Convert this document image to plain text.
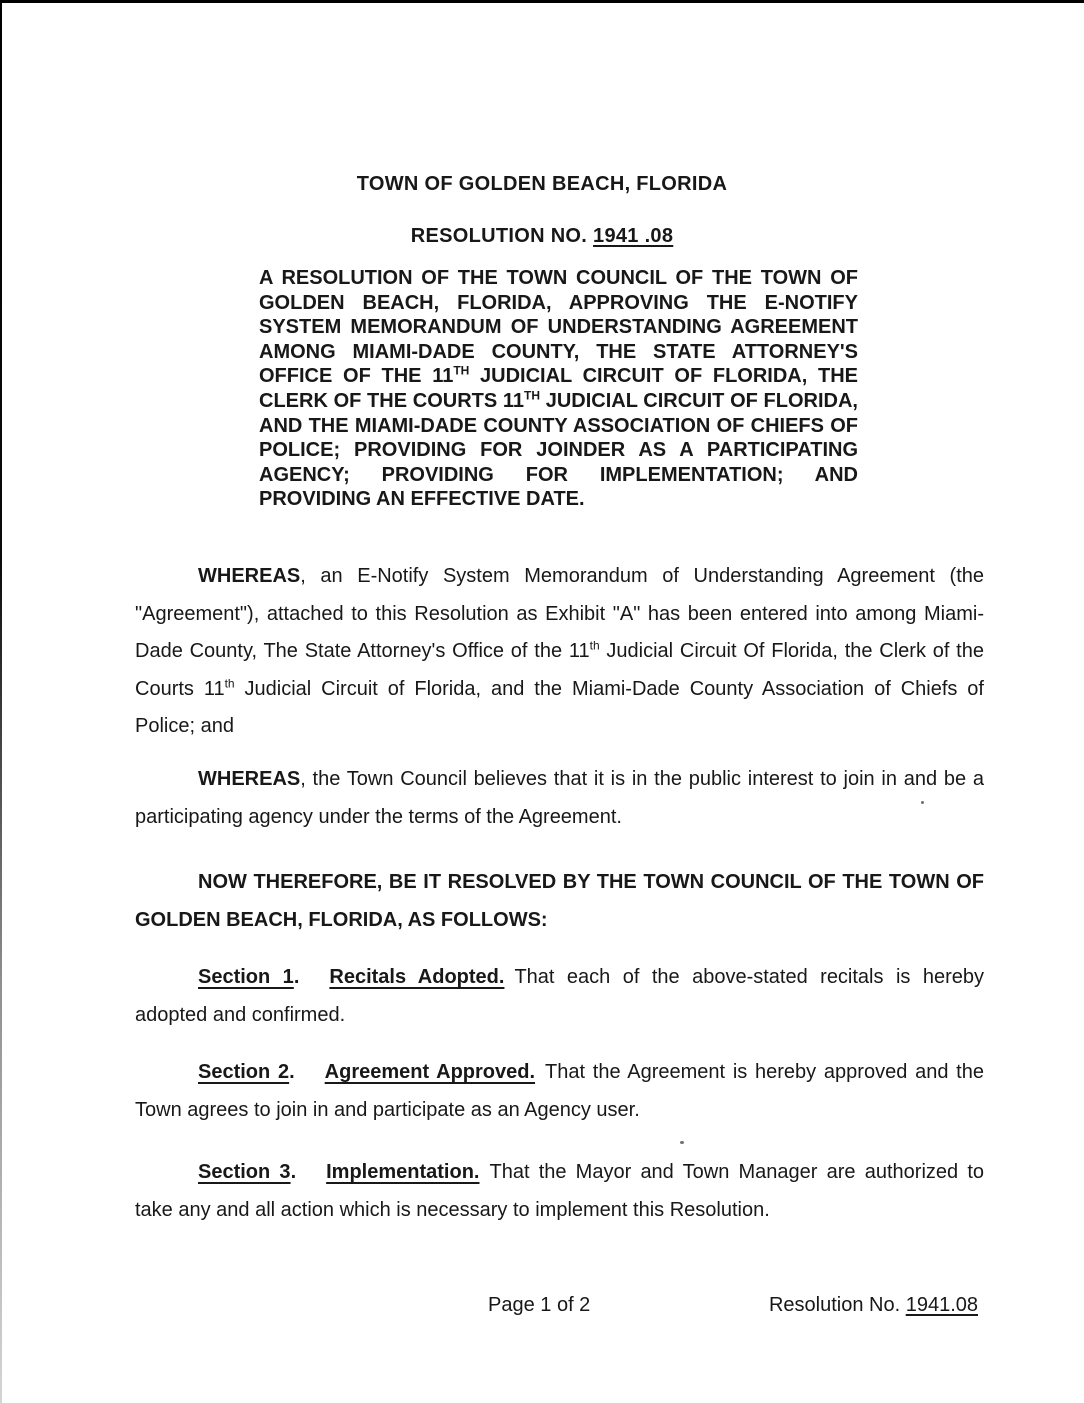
TOWN OF GOLDEN BEACH, FLORIDA
RESOLUTION NO. 1941 .08

A RESOLUTION OF THE TOWN COUNCIL OF THE TOWN OF GOLDEN BEACH, FLORIDA, APPROVING THE E-NOTIFY SYSTEM MEMORANDUM OF UNDERSTANDING AGREEMENT AMONG MIAMI-DADE COUNTY, THE STATE ATTORNEY'S OFFICE OF THE 11TH JUDICIAL CIRCUIT OF FLORIDA, THE CLERK OF THE COURTS 11TH JUDICIAL CIRCUIT OF FLORIDA, AND THE MIAMI-DADE COUNTY ASSOCIATION OF CHIEFS OF POLICE; PROVIDING FOR JOINDER AS A PARTICIPATING AGENCY; PROVIDING FOR IMPLEMENTATION; AND PROVIDING AN EFFECTIVE DATE.

WHEREAS, an E-Notify System Memorandum of Understanding Agreement (the "Agreement"), attached to this Resolution as Exhibit "A" has been entered into among Miami-Dade County, The State Attorney's Office of the 11th Judicial Circuit Of Florida, the Clerk of the Courts 11th Judicial Circuit of Florida, and the Miami-Dade County Association of Chiefs of Police; and

WHEREAS, the Town Council believes that it is in the public interest to join in and be a participating agency under the terms of the Agreement.

NOW THEREFORE, BE IT RESOLVED BY THE TOWN COUNCIL OF THE TOWN OF GOLDEN BEACH, FLORIDA, AS FOLLOWS:

Section 1. Recitals Adopted. That each of the above-stated recitals is hereby adopted and confirmed.

Section 2. Agreement Approved. That the Agreement is hereby approved and the Town agrees to join in and participate as an Agency user.

Section 3. Implementation. That the Mayor and Town Manager are authorized to take any and all action which is necessary to implement this Resolution.

Page 1 of 2	Resolution No. 1941.08
